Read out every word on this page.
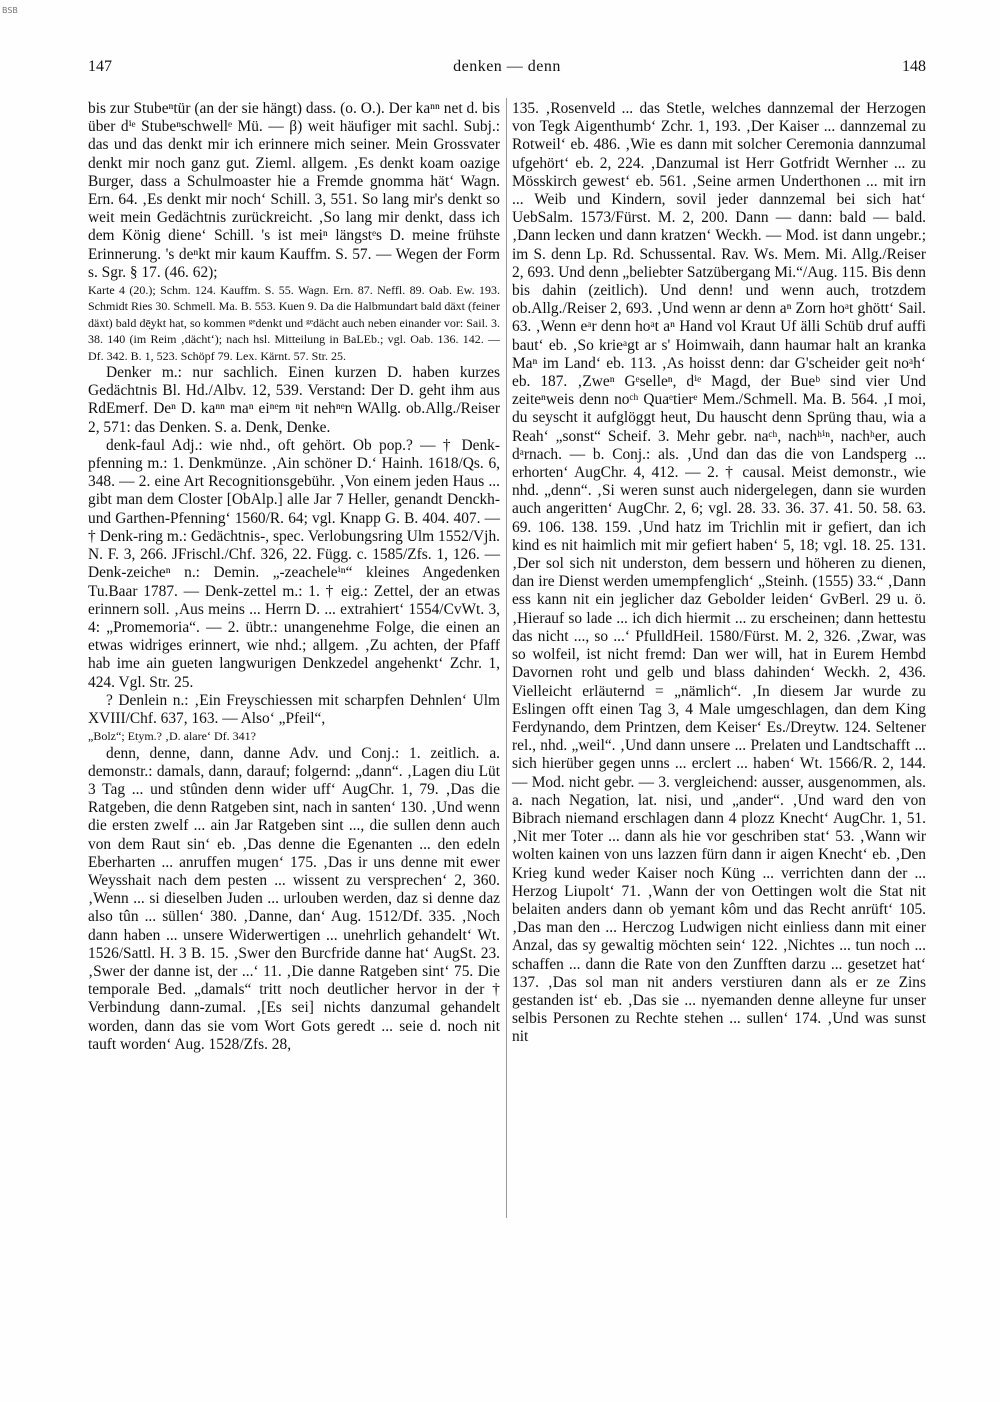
BSB
147	denken — denn	148

bis zur Stubeⁿtür (an der sie hängt) dass. (o. O.). Der kaⁿⁿ net d. bis über dⁱᵉ Stubeⁿschwellᵉ Mü. — β) weit häufiger mit sachl. Subj.: das und das denkt mir ich erinnere mich seiner. Mein Grossvater denkt mir noch ganz gut. Zieml. allgem. ‚Es denkt koam oazige Burger, dass a Schulmoaster hie a Fremde gnomma hät‘ Wagn. Ern. 64. ‚Es denkt mir noch‘ Schill. 3, 551. So lang mir's denkt so weit mein Gedächtnis zurückreicht. ‚So lang mir denkt, dass ich dem König diene‘ Schill. 's ist meiⁿ längstᵉs D. meine frühste Erinnerung. 's deⁿkt mir kaum Kauffm. S. 57. — Wegen der Form s. Sgr. § 17. (46. 62);

Karte 4 (20.); Schm. 124. Kauffm. S. 55. Wagn. Ern. 87. Neffl. 89. Oab. Ew. 193. Schmidt Ries 30. Schmell. Ma. B. 553. Kuen 9. Da die Halbmundart bald däxt (feiner däxt) bald dē̤ykt hat, so kommen ᵍᵉdenkt und ᵍᵉdächt auch neben einander vor: Sail. 3. 38. 140 (im Reim ‚dächt‘); nach hsl. Mitteilung in BaLEb.; vgl. Oab. 136. 142. — Df. 342. B. 1, 523. Schöpf 79. Lex. Kärnt. 57. Str. 25.

Denker m.: nur sachlich. Einen kurzen D. haben kurzes Gedächtnis Bl. Hd./Albv. 12, 539. Verstand: Der D. geht ihm aus RdEmerf. Deⁿ D. kaⁿⁿ maⁿ eiⁿᵉm ⁿit nehⁿᵉn WAllg. ob.Allg./Reiser 2, 571: das Denken. S. a. Denk, Denke.

denk-faul Adj.: wie nhd., oft gehört. Ob pop.? — † Denk-pfenning m.: 1. Denkmünze. ‚Ain schöner D.‘ Hainh. 1618/Qs. 6, 348. — 2. eine Art Recognitionsgebühr. ‚Von einem jeden Haus ... gibt man dem Closter [ObAlp.] alle Jar 7 Heller, genandt Denckh- und Garthen-Pfenning‘ 1560/R. 64; vgl. Knapp G. B. 404. 407. — † Denk-ring m.: Gedächtnis-, spec. Verlobungsring Ulm 1552/Vjh. N. F. 3, 266. JFrischl./Chf. 326, 22. Függ. c. 1585/Zfs. 1, 126. — Denk-zeicheⁿ n.: Demin. „-zeacheleⁱⁿ“ kleines Angedenken Tu.Baar 1787. — Denk-zettel m.: 1. † eig.: Zettel, der an etwas erinnern soll. ‚Aus meins ... Herrn D. ... extrahiert‘ 1554/CvWt. 3, 4: „Promemoria“. — 2. übtr.: unangenehme Folge, die einen an etwas widriges erinnert, wie nhd.; allgem. ‚Zu achten, der Pfaff hab ime ain gueten langwurigen Denkzedel angehenkt‘ Zchr. 1, 424. Vgl. Str. 25.

? Denlein n.: ‚Ein Freyschiessen mit scharpfen Dehnlen‘ Ulm XVIII/Chf. 637, 163. — Also‘ „Pfeil“,

„Bolz“; Etym.? ‚D. alare‘ Df. 341?

denn, denne, dann, danne Adv. und Conj.: 1. zeitlich. a. demonstr.: damals, dann, darauf; folgernd: „dann“. ‚Lagen diu Lüt 3 Tag ... und stûnden denn wider uff‘ AugChr. 1, 79. ‚Das die Ratgeben, die denn Ratgeben sint, nach in santen‘ 130. ‚Und wenn die ersten zwelf ... ain Jar Ratgeben sint ..., die sullen denn auch von dem Raut sin‘ eb. ‚Das denne die Egenanten ... den edeln Eberharten ... anruffen mugen‘ 175. ‚Das ir uns denne mit ewer Weysshait nach dem pesten ... wissent zu versprechen‘ 2, 360. ‚Wenn ... si dieselben Juden ... urlouben werden, daz si denne daz also tûn ... süllen‘ 380. ‚Danne, dan‘ Aug. 1512/Df. 335. ‚Noch dann haben ... unsere Widerwertigen ... unehrlich gehandelt‘ Wt. 1526/Sattl. H. 3 B. 15. ‚Swer den Burcfride danne hat‘ AugSt. 23. ‚Swer der danne ist, der ...‘ 11. ‚Die danne Ratgeben sint‘ 75. Die temporale Bed. „damals“ tritt noch deutlicher hervor in der † Verbindung dann-zumal. ‚[Es sei] nichts danzumal gehandelt worden, dann das sie vom Wort Gots geredt ... seie d. noch nit tauft worden‘ Aug. 1528/Zfs. 28,

135. ‚Rosenveld ... das Stetle, welches dannzemal der Herzogen von Tegk Aigenthumb‘ Zchr. 1, 193. ‚Der Kaiser ... dannzemal zu Rotweil‘ eb. 486. ‚Wie es dann mit solcher Ceremonia dannzumal ufgehört‘ eb. 2, 224. ‚Danzumal ist Herr Gotfridt Wernher ... zu Mösskirch gewest‘ eb. 561. ‚Seine armen Underthonen ... mit irn ... Weib und Kindern, sovil jeder dannzemal bei sich hat‘ UebSalm. 1573/Fürst. M. 2, 200. Dann — dann: bald — bald. ‚Dann lecken und dann kratzen‘ Weckh. — Mod. ist dann ungebr.; im S. denn Lp. Rd. Schussental. Rav. Ws. Mem. Mi. Allg./Reiser 2, 693. Und denn „beliebter Satzübergang Mi.“/Aug. 115. Bis denn bis dahin (zeitlich). Und denn! und wenn auch, trotzdem ob.Allg./Reiser 2, 693. ‚Und wenn ar denn aⁿ Zorn hoᵃt ghött‘ Sail. 63. ‚Wenn eᵃr denn hoᵃt aⁿ Hand vol Kraut Uf älli Schüb druf auffi baut‘ eb. ‚So krieᵃgt ar s' Hoimwaih, dann haumar halt an kranka Maⁿ im Land‘ eb. 113. ‚As hoisst denn: dar G'scheider geit noᵃh‘ eb. 187. ‚Zweⁿ Gᵉselleⁿ, dⁱᵉ Magd, der Bueᵇ sind vier Und zeiteⁿweis denn noᶜʰ Quaᵉtierᵉ Mem./Schmell. Ma. B. 564. ‚I moi, du seyscht it aufglöggt heut, Du hauscht denn Sprüng thau, wia a Reah‘ „sonst“ Scheif. 3. Mehr gebr. naᶜʰ, nachʰⁱⁿ, nachʰer, auch dᵃrnach. — b. Conj.: als. ‚Und dan das die von Landsperg ... erhorten‘ AugChr. 4, 412. — 2. † causal. Meist demonstr., wie nhd. „denn“. ‚Si weren sunst auch nidergelegen, dann sie wurden auch angeritten‘ AugChr. 2, 6; vgl. 28. 33. 36. 37. 41. 50. 58. 63. 69. 106. 138. 159. ‚Und hatz im Trichlin mit ir gefiert, dan ich kind es nit haimlich mit mir gefiert haben‘ 5, 18; vgl. 18. 25. 131. ‚Der sol sich nit underston, dem bessern und höheren zu dienen, dan ire Dienst werden umempfenglich‘ „Steinh. (1555) 33.“ ‚Dann ess kann nit ein jeglicher daz Gebolder leiden‘ GvBerl. 29 u. ö. ‚Hierauf so lade ... ich dich hiermit ... zu erscheinen; dann hettestu das nicht ..., so ...‘ PfulldHeil. 1580/Fürst. M. 2, 326. ‚Zwar, was so wolfeil, ist nicht fremd: Dan wer will, hat in Eurem Hembd Davornen roht und gelb und blass dahinden‘ Weckh. 2, 436. Vielleicht erläuternd = „nämlich“. ‚In diesem Jar wurde zu Eslingen offt einen Tag 3, 4 Male umgeschlagen, dan dem King Ferdynando, dem Printzen, dem Keiser‘ Es./Dreytw. 124. Seltener rel., nhd. „weil“. ‚Und dann unsere ... Prelaten und Landtschafft ... sich hierüber gegen unns ... erclert ... haben‘ Wt. 1566/R. 2, 144. — Mod. nicht gebr. — 3. vergleichend: ausser, ausgenommen, als. a. nach Negation, lat. nisi, und „ander“. ‚Und ward den von Bibrach niemand erschlagen dann 4 plozz Knecht‘ AugChr. 1, 51. ‚Nit mer Toter ... dann als hie vor geschriben stat‘ 53. ‚Wann wir wolten kainen von uns lazzen fürn dann ir aigen Knecht‘ eb. ‚Den Krieg kund weder Kaiser noch Küng ... verrichten dann der ... Herzog Liupolt‘ 71. ‚Wann der von Oettingen wolt die Stat nit belaiten anders dann ob yemant kôm und das Recht anrüft‘ 105. ‚Das man den ... Herczog Ludwigen nicht einliess dann mit einer Anzal, das sy gewaltig möchten sein‘ 122. ‚Nichtes ... tun noch ... schaffen ... dann die Rate von den Zunfften darzu ... gesetzet hat‘ 137. ‚Das sol man nit anders verstiuren dann als er ze Zins gestanden ist‘ eb. ‚Das sie ... nyemanden denne alleyne fur unser selbis Personen zu Rechte stehen ... sullen‘ 174. ‚Und was sunst nit
